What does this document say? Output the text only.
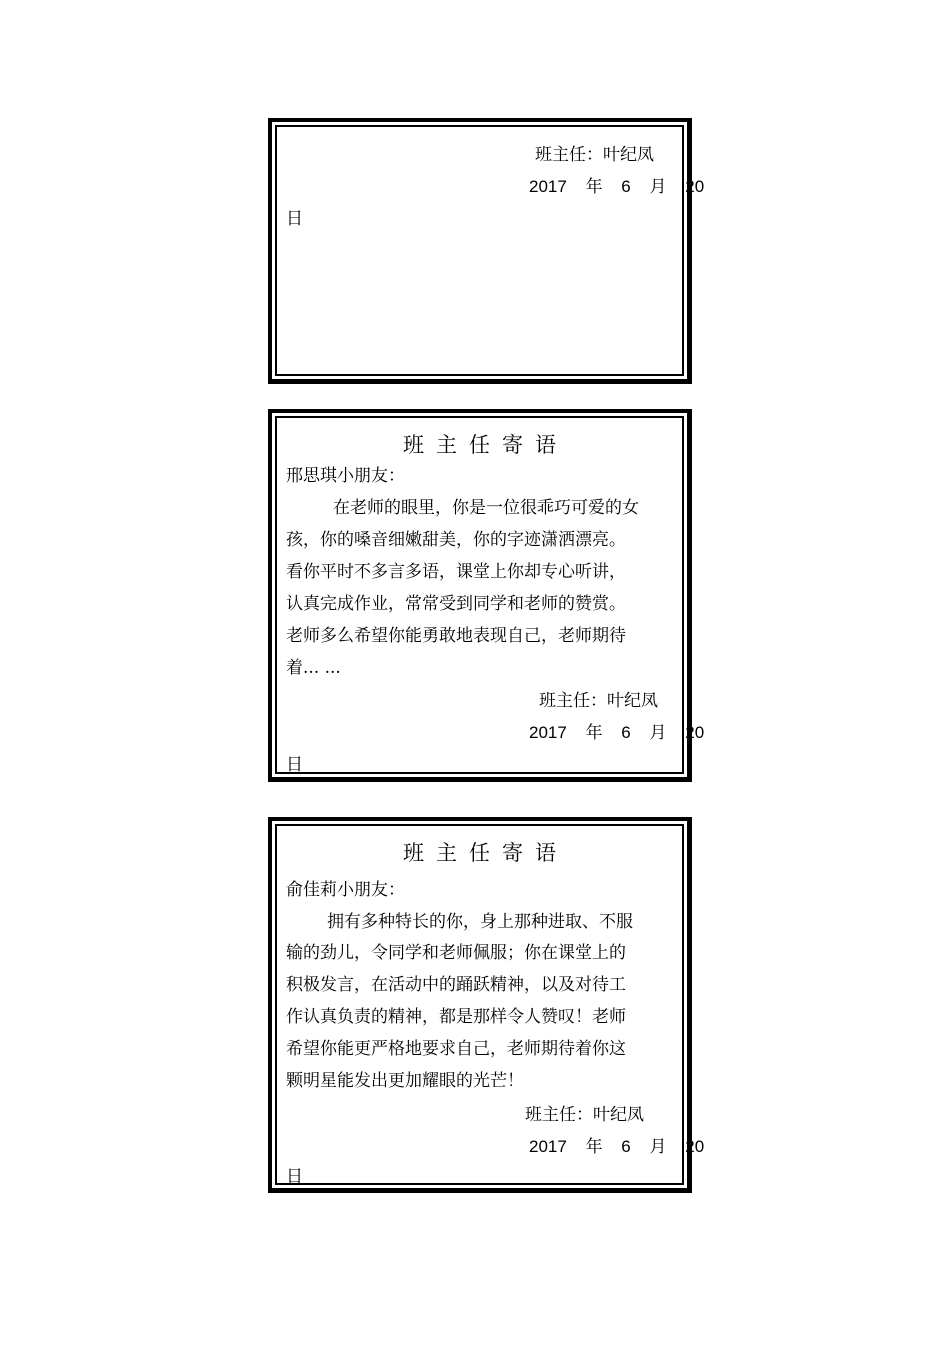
班主任：叶纪凤
2017 年 6 月 20
日
班主任寄语
邢思琪小朋友：
在老师的眼里，你是一位很乖巧可爱的女
孩，你的嗓音细嫩甜美，你的字迹潇洒漂亮。
看你平时不多言多语，课堂上你却专心听讲，
认真完成作业，常常受到同学和老师的赞赏。
老师多么希望你能勇敢地表现自己，老师期待
着... ...
班主任：叶纪凤
2017 年 6 月 20
日
班主任寄语
俞佳莉小朋友：
拥有多种特长的你，身上那种进取、不服
输的劲儿，令同学和老师佩服；你在课堂上的
积极发言，在活动中的踊跃精神，以及对待工
作认真负责的精神，都是那样令人赞叹！老师
希望你能更严格地要求自己，老师期待着你这
颗明星能发出更加耀眼的光芒！
班主任：叶纪凤
2017 年 6 月 20
日
